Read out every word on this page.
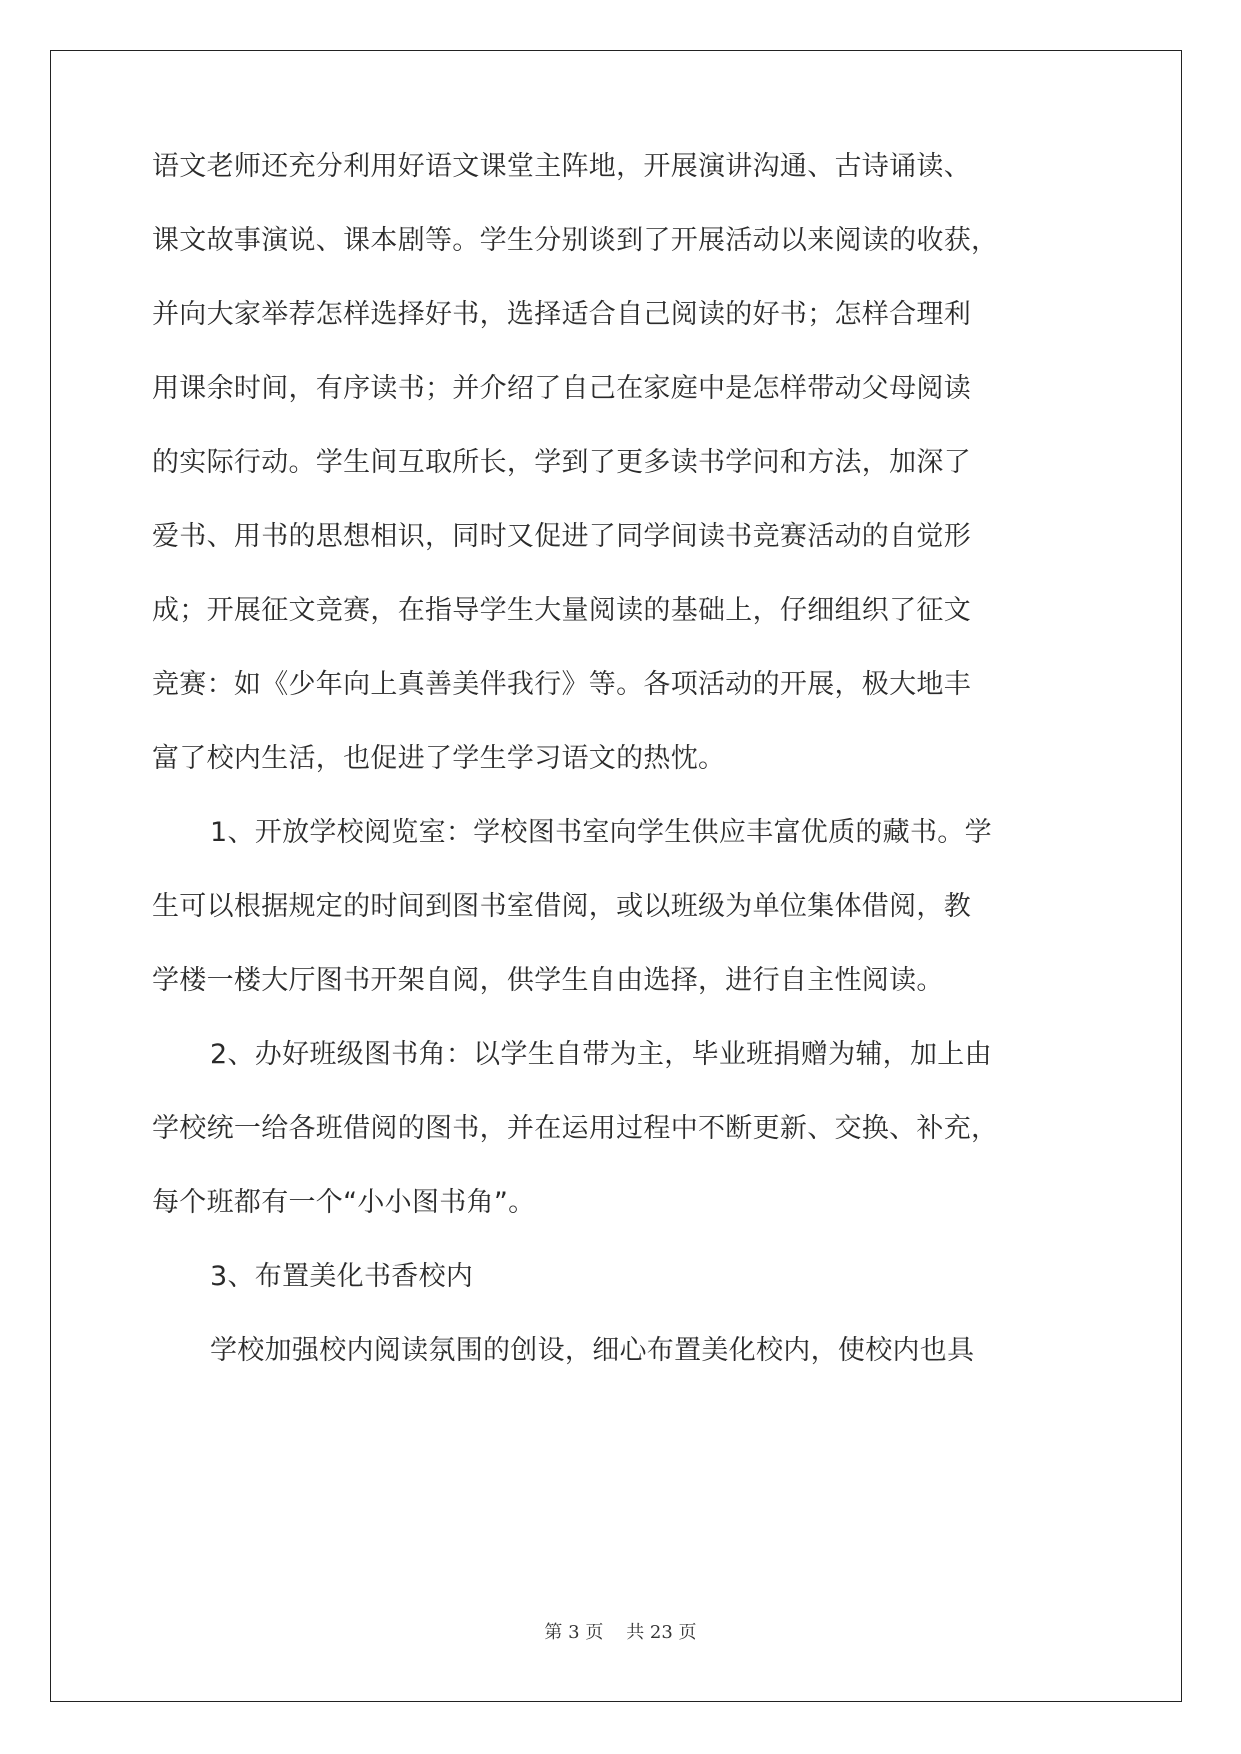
语文老师还充分利用好语文课堂主阵地，开展演讲沟通、古诗诵读、
课文故事演说、课本剧等。学生分别谈到了开展活动以来阅读的收获，
并向大家举荐怎样选择好书，选择适合自己阅读的好书；怎样合理利
用课余时间，有序读书；并介绍了自己在家庭中是怎样带动父母阅读
的实际行动。学生间互取所长，学到了更多读书学问和方法，加深了
爱书、用书的思想相识，同时又促进了同学间读书竞赛活动的自觉形
成；开展征文竞赛，在指导学生大量阅读的基础上，仔细组织了征文
竞赛：如《少年向上真善美伴我行》等。各项活动的开展，极大地丰
富了校内生活，也促进了学生学习语文的热忱。
1、开放学校阅览室：学校图书室向学生供应丰富优质的藏书。学
生可以根据规定的时间到图书室借阅，或以班级为单位集体借阅，教
学楼一楼大厅图书开架自阅，供学生自由选择，进行自主性阅读。
2、办好班级图书角：以学生自带为主，毕业班捐赠为辅，加上由
学校统一给各班借阅的图书，并在运用过程中不断更新、交换、补充，
每个班都有一个“小小图书角”。
3、布置美化书香校内
学校加强校内阅读氛围的创设，细心布置美化校内，使校内也具
第 3 页    共 23 页
